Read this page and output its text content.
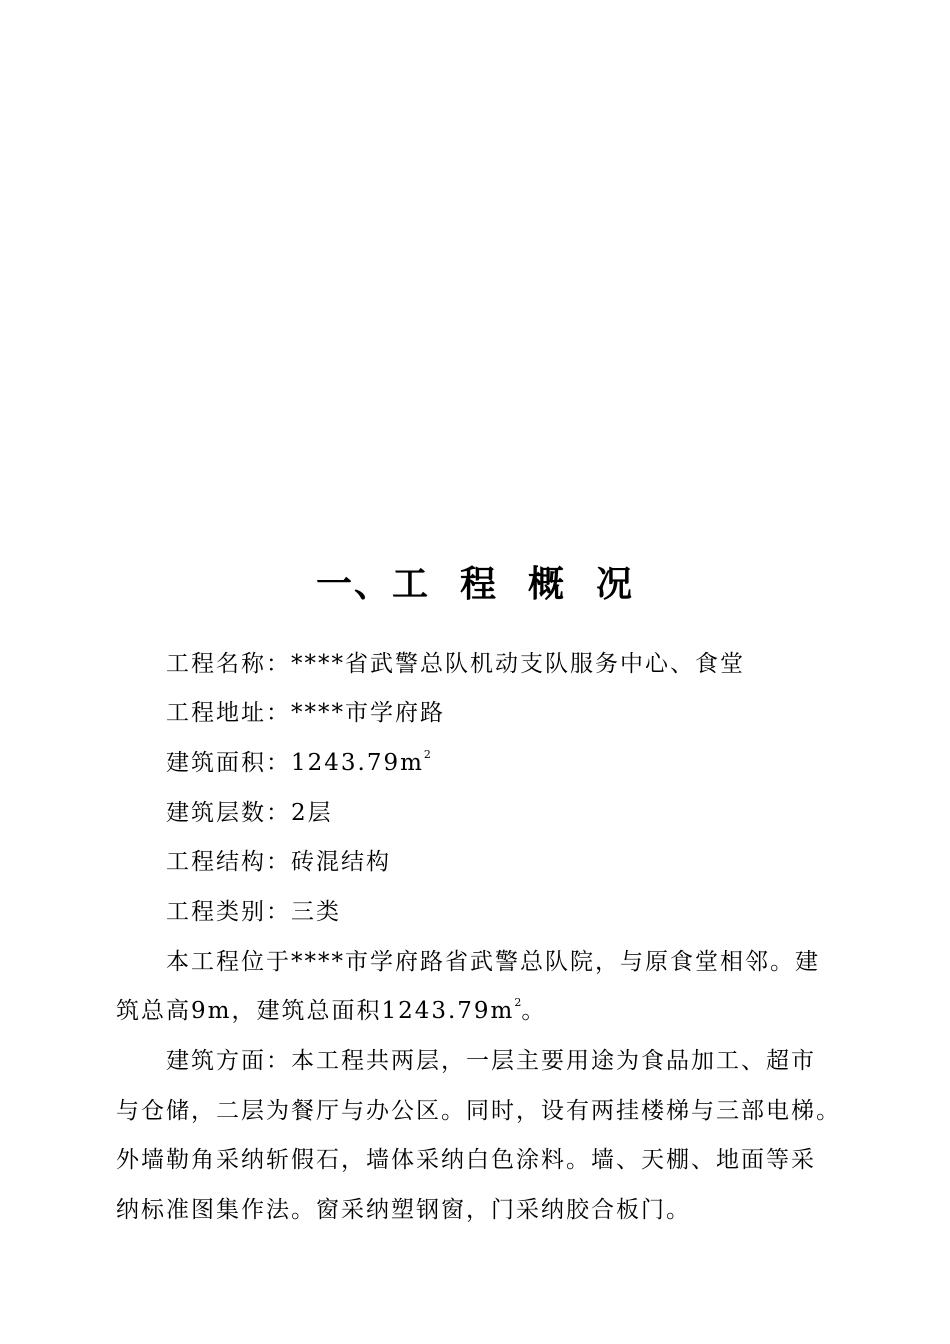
一、工 程 概 况
工程名称：****省武警总队机动支队服务中心、食堂
工程地址：****市学府路
建筑面积：$1243.79m^2$
建筑层数：2层
工程结构：砖混结构
工程类别：三类
本工程位于****市学府路省武警总队院，与原食堂相邻。建
筑总高9m，建筑总面积$1243.79m^2$。
建筑方面：本工程共两层，一层主要用途为食品加工、超市
与仓储，二层为餐厅与办公区。同时，设有两挂楼梯与三部电梯。
外墙勒角采纳斩假石，墙体采纳白色涂料。墙、天棚、地面等采
纳标准图集作法。窗采纳塑钢窗，门采纳胶合板门。
